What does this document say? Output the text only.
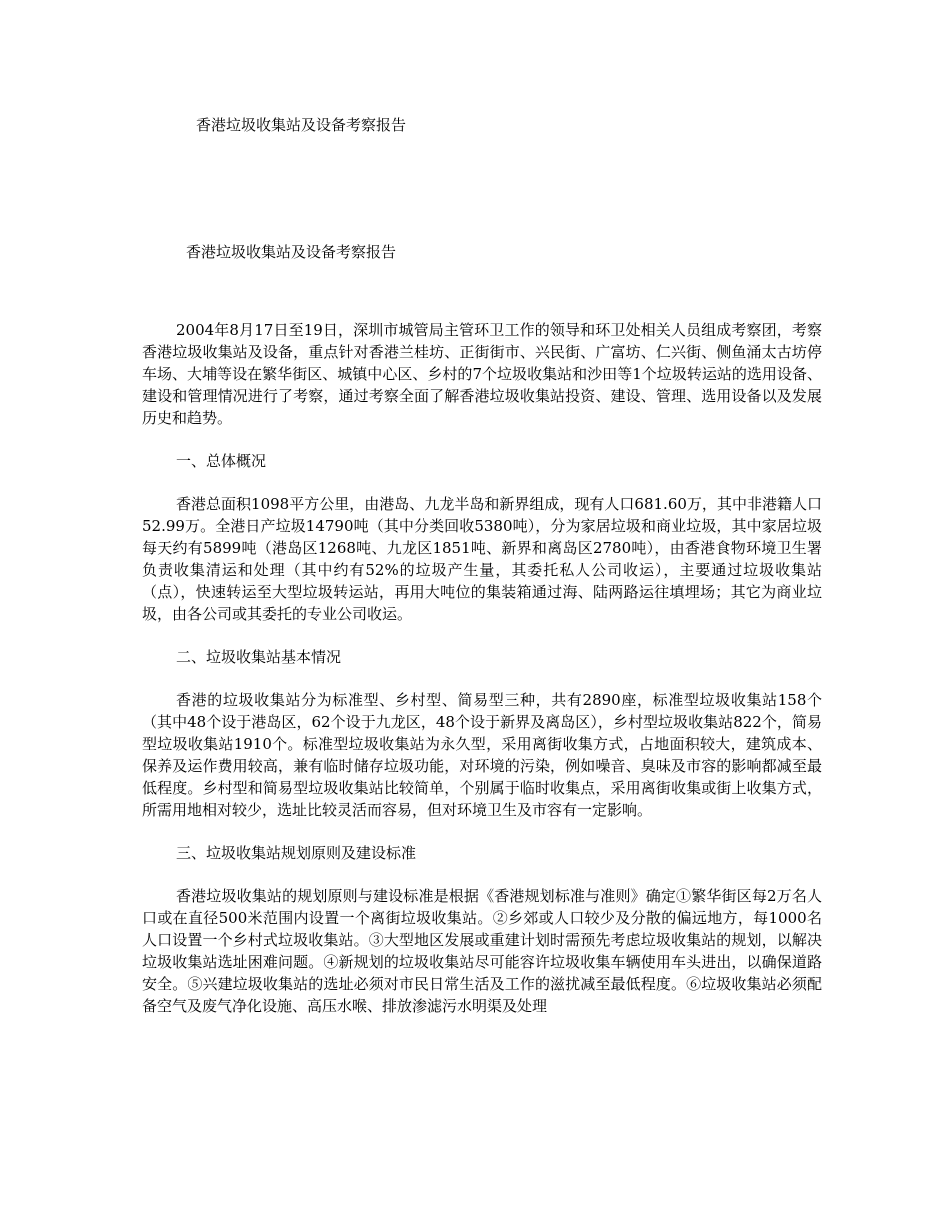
香港垃圾收集站及设备考察报告
香港垃圾收集站及设备考察报告

2004年8月17日至19日，深圳市城管局主管环卫工作的领导和环卫处相关人员组成考察团，考察香港垃圾收集站及设备，重点针对香港兰桂坊、正街街市、兴民街、广富坊、仁兴街、侧鱼涌太古坊停车场、大埔等设在繁华街区、城镇中心区、乡村的7个垃圾收集站和沙田等1个垃圾转运站的选用设备、建设和管理情况进行了考察，通过考察全面了解香港垃圾收集站投资、建设、管理、选用设备以及发展历史和趋势。

一、总体概况

香港总面积1098平方公里，由港岛、九龙半岛和新界组成，现有人口681.60万，其中非港籍人口52.99万。全港日产垃圾14790吨（其中分类回收5380吨），分为家居垃圾和商业垃圾，其中家居垃圾每天约有5899吨（港岛区1268吨、九龙区1851吨、新界和离岛区2780吨），由香港食物环境卫生署负责收集清运和处理（其中约有52%的垃圾产生量，其委托私人公司收运），主要通过垃圾收集站（点），快速转运至大型垃圾转运站，再用大吨位的集装箱通过海、陆两路运往填埋场；其它为商业垃圾，由各公司或其委托的专业公司收运。

二、垃圾收集站基本情况

香港的垃圾收集站分为标准型、乡村型、简易型三种，共有2890座，标准型垃圾收集站158个（其中48个设于港岛区，62个设于九龙区，48个设于新界及离岛区），乡村型垃圾收集站822个，简易型垃圾收集站1910个。标准型垃圾收集站为永久型，采用离街收集方式，占地面积较大，建筑成本、保养及运作费用较高，兼有临时储存垃圾功能，对环境的污染，例如噪音、臭味及市容的影响都减至最低程度。乡村型和简易型垃圾收集站比较简单，个别属于临时收集点，采用离街收集或街上收集方式，所需用地相对较少，选址比较灵活而容易，但对环境卫生及市容有一定影响。

三、垃圾收集站规划原则及建设标准

香港垃圾收集站的规划原则与建设标准是根据《香港规划标准与准则》确定①繁华街区每2万名人口或在直径500米范围内设置一个离街垃圾收集站。②乡郊或人口较少及分散的偏远地方，每1000名人口设置一个乡村式垃圾收集站。③大型地区发展或重建计划时需预先考虑垃圾收集站的规划，以解决垃圾收集站选址困难问题。④新规划的垃圾收集站尽可能容许垃圾收集车辆使用车头进出，以确保道路安全。⑤兴建垃圾收集站的选址必须对市民日常生活及工作的滋扰减至最低程度。⑥垃圾收集站必须配备空气及废气净化设施、高压水喉、排放渗滤污水明渠及处理
